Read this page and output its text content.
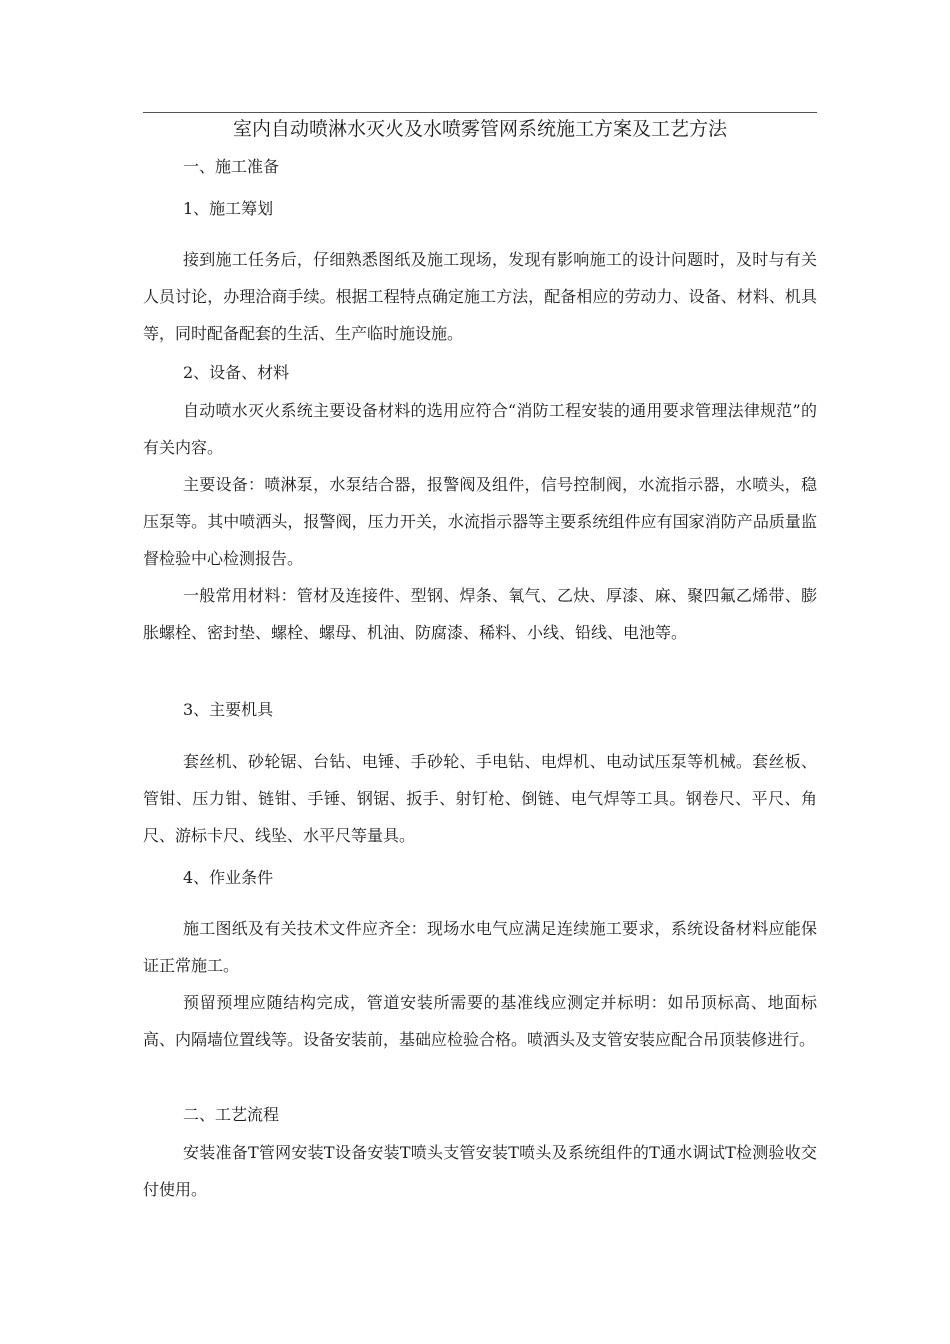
室内自动喷淋水灭火及水喷雾管网系统施工方案及工艺方法
一、施工准备
1、施工筹划
接到施工任务后，仔细熟悉图纸及施工现场，发现有影响施工的设计问题时，及时与有关人员讨论，办理洽商手续。根据工程特点确定施工方法，配备相应的劳动力、设备、材料、机具等，同时配备配套的生活、生产临时施设施。
2、设备、材料
自动喷水灭火系统主要设备材料的选用应符合“消防工程安装的通用要求管理法律规范”的有关内容。
主要设备：喷淋泵，水泵结合器，报警阀及组件，信号控制阀，水流指示器，水喷头，稳压泵等。其中喷洒头，报警阀，压力开关，水流指示器等主要系统组件应有国家消防产品质量监督检验中心检测报告。
一般常用材料：管材及连接件、型钢、焊条、氧气、乙炔、厚漆、麻、聚四氟乙烯带、膨胀螺栓、密封垫、螺栓、螺母、机油、防腐漆、稀料、小线、铅线、电池等。
3、主要机具
套丝机、砂轮锯、台钻、电锤、手砂轮、手电钻、电焊机、电动试压泵等机械。套丝板、管钳、压力钳、链钳、手锤、钢锯、扳手、射钉枪、倒链、电气焊等工具。钢卷尺、平尺、角尺、游标卡尺、线坠、水平尺等量具。
4、作业条件
施工图纸及有关技术文件应齐全：现场水电气应满足连续施工要求，系统设备材料应能保证正常施工。
预留预埋应随结构完成，管道安装所需要的基准线应测定并标明：如吊顶标高、地面标高、内隔墙位置线等。设备安装前，基础应检验合格。喷洒头及支管安装应配合吊顶装修进行。
二、工艺流程
安装准备T管网安装T设备安装T喷头支管安装T喷头及系统组件的T通水调试T检测验收交付使用。
